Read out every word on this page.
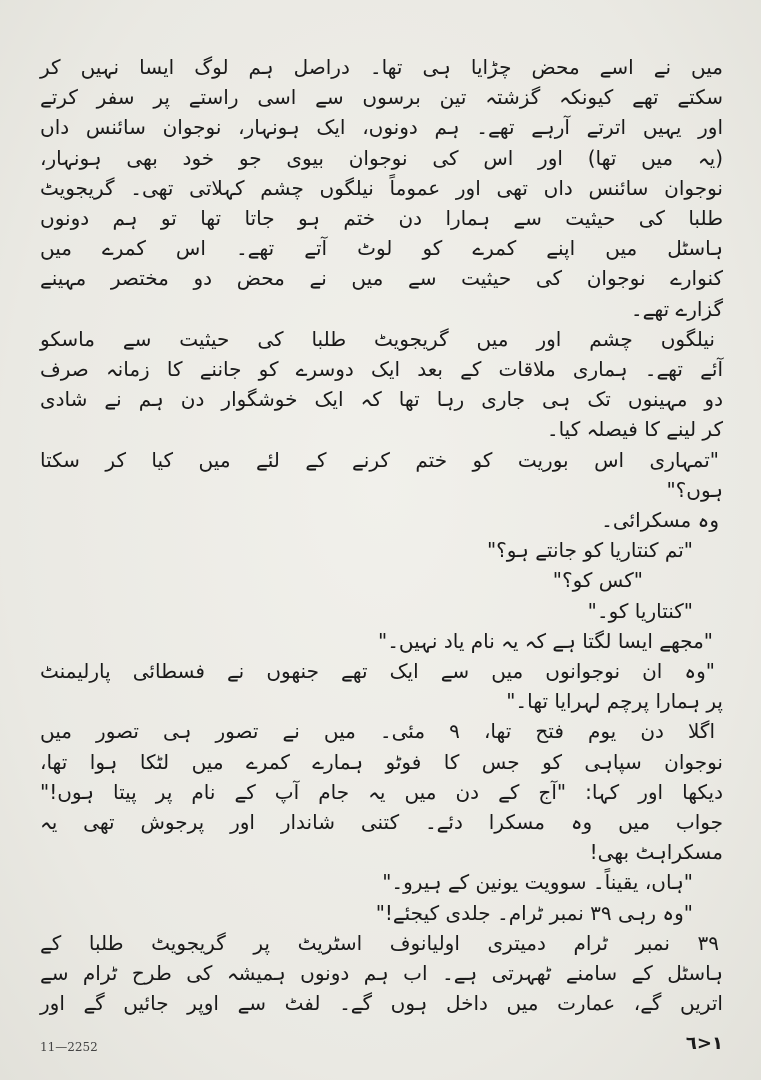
میں نے اسے محض چڑایا ہی تھا۔ دراصل ہم لوگ ایسا نہیں کر
سکتے تھے کیونکہ گزشتہ تین برسوں سے اسی راستے پر سفر کرتے
اور یہیں اترتے آرہے تھے۔ ہم دونوں، ایک ہونہار، نوجوان سائنس داں
(یہ میں تھا) اور اس کی نوجوان بیوی جو خود بھی ہونہار،
نوجوان سائنس داں تھی اور عموماً نیلگوں چشم کہلاتی تھی۔ گریجویٹ
طلبا کی حیثیت سے ہمارا دن ختم ہو جاتا تھا تو ہم دونوں
ہاسٹل میں اپنے کمرے کو لوٹ آتے تھے۔ اس کمرے میں
کنوارے نوجوان کی حیثیت سے میں نے محض دو مختصر مہینے
گزارے تھے۔
نیلگوں چشم اور میں گریجویٹ طلبا کی حیثیت سے ماسکو
آئے تھے۔ ہماری ملاقات کے بعد ایک دوسرے کو جاننے کا زمانہ صرف
دو مہینوں تک ہی جاری رہا تھا کہ ایک خوشگوار دن ہم نے شادی
کر لینے کا فیصلہ کیا۔
"تمہاری اس بوریت کو ختم کرنے کے لئے میں کیا کر سکتا
ہوں؟"
وہ مسکرائی۔
"تم کنتاریا کو جانتے ہو؟"
"کس کو؟"
"کنتاریا کو۔"
"مجھے ایسا لگتا ہے کہ یہ نام یاد نہیں۔"
"وہ ان نوجوانوں میں سے ایک تھے جنھوں نے فسطائی پارلیمنٹ
پر ہمارا پرچم لہرایا تھا۔"
اگلا دن یوم فتح تھا، ۹ مئی۔ میں نے تصور ہی تصور میں
نوجوان سپاہی کو جس کا فوٹو ہمارے کمرے میں لٹکا ہوا تھا،
دیکھا اور کہا: "آج کے دن میں یہ جام آپ کے نام پر پیتا ہوں!"
جواب میں وہ مسکرا دئے۔ کتنی شاندار اور پرجوش تھی یہ
مسکراہٹ بھی!
"ہاں، یقیناً۔ سوویت یونین کے ہیرو۔"
"وہ رہی ۳۹ نمبر ٹرام۔ جلدی کیجئے!"
۳۹ نمبر ٹرام دمیتری اولیانوف اسٹریٹ پر گریجویٹ طلبا کے
ہاسٹل کے سامنے ٹھہرتی ہے۔ اب ہم دونوں ہمیشہ کی طرح ٹرام سے
اتریں گے، عمارت میں داخل ہوں گے۔ لفٹ سے اوپر جائیں گے اور
11—2252	١<٦
